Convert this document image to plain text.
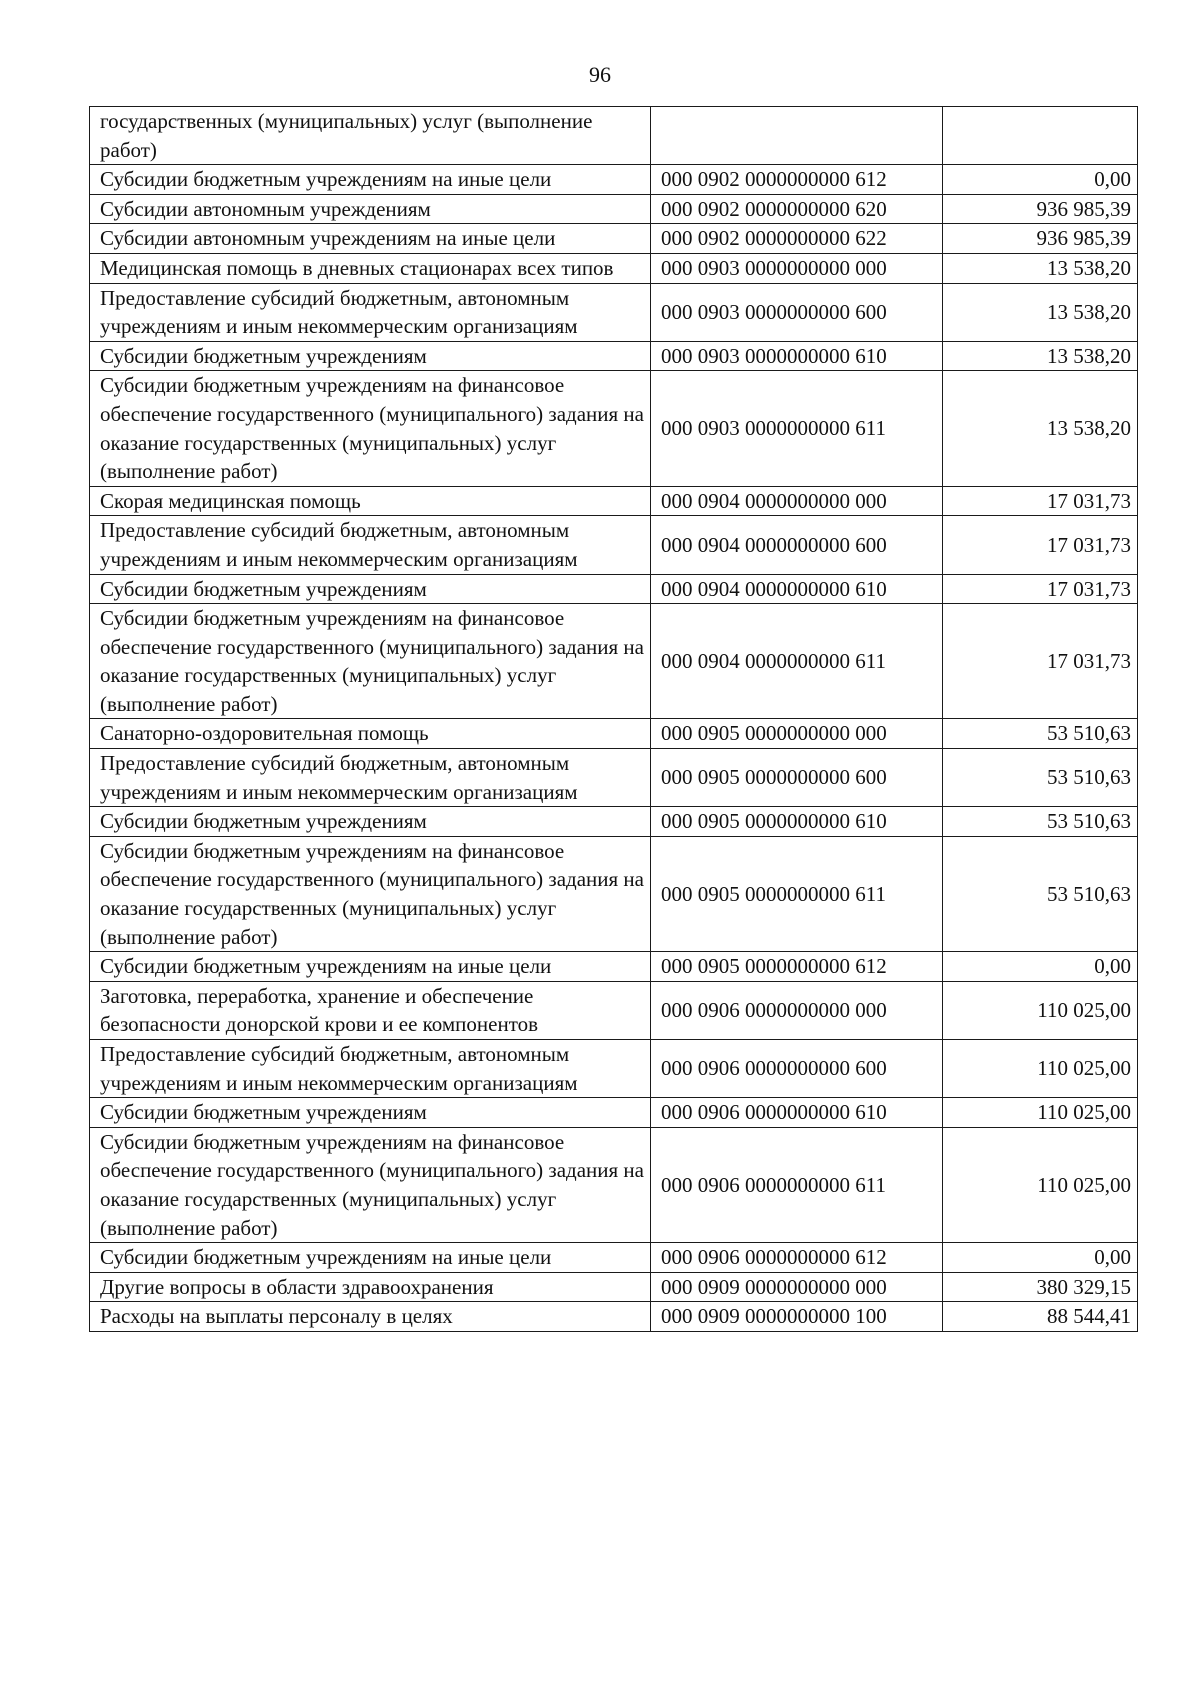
96
государственных (муниципальных) услуг (выполнение работ)		
Субсидии бюджетным учреждениям на иные цели	000 0902 0000000000 612	0,00
Субсидии автономным учреждениям	000 0902 0000000000 620	936 985,39
Субсидии автономным учреждениям на иные цели	000 0902 0000000000 622	936 985,39
Медицинская помощь в дневных стационарах всех типов	000 0903 0000000000 000	13 538,20
Предоставление субсидий бюджетным, автономным учреждениям и иным некоммерческим организациям	000 0903 0000000000 600	13 538,20
Субсидии бюджетным учреждениям	000 0903 0000000000 610	13 538,20
Субсидии бюджетным учреждениям на финансовое обеспечение государственного (муниципального) задания на оказание государственных (муниципальных) услуг (выполнение работ)	000 0903 0000000000 611	13 538,20
Скорая медицинская помощь	000 0904 0000000000 000	17 031,73
Предоставление субсидий бюджетным, автономным учреждениям и иным некоммерческим организациям	000 0904 0000000000 600	17 031,73
Субсидии бюджетным учреждениям	000 0904 0000000000 610	17 031,73
Субсидии бюджетным учреждениям на финансовое обеспечение государственного (муниципального) задания на оказание государственных (муниципальных) услуг (выполнение работ)	000 0904 0000000000 611	17 031,73
Санаторно-оздоровительная помощь	000 0905 0000000000 000	53 510,63
Предоставление субсидий бюджетным, автономным учреждениям и иным некоммерческим организациям	000 0905 0000000000 600	53 510,63
Субсидии бюджетным учреждениям	000 0905 0000000000 610	53 510,63
Субсидии бюджетным учреждениям на финансовое обеспечение государственного (муниципального) задания на оказание государственных (муниципальных) услуг (выполнение работ)	000 0905 0000000000 611	53 510,63
Субсидии бюджетным учреждениям на иные цели	000 0905 0000000000 612	0,00
Заготовка, переработка, хранение и обеспечение безопасности донорской крови и ее компонентов	000 0906 0000000000 000	110 025,00
Предоставление субсидий бюджетным, автономным учреждениям и иным некоммерческим организациям	000 0906 0000000000 600	110 025,00
Субсидии бюджетным учреждениям	000 0906 0000000000 610	110 025,00
Субсидии бюджетным учреждениям на финансовое обеспечение государственного (муниципального) задания на оказание государственных (муниципальных) услуг (выполнение работ)	000 0906 0000000000 611	110 025,00
Субсидии бюджетным учреждениям на иные цели	000 0906 0000000000 612	0,00
Другие вопросы в области здравоохранения	000 0909 0000000000 000	380 329,15
Расходы на выплаты персоналу в целях	000 0909 0000000000 100	88 544,41
